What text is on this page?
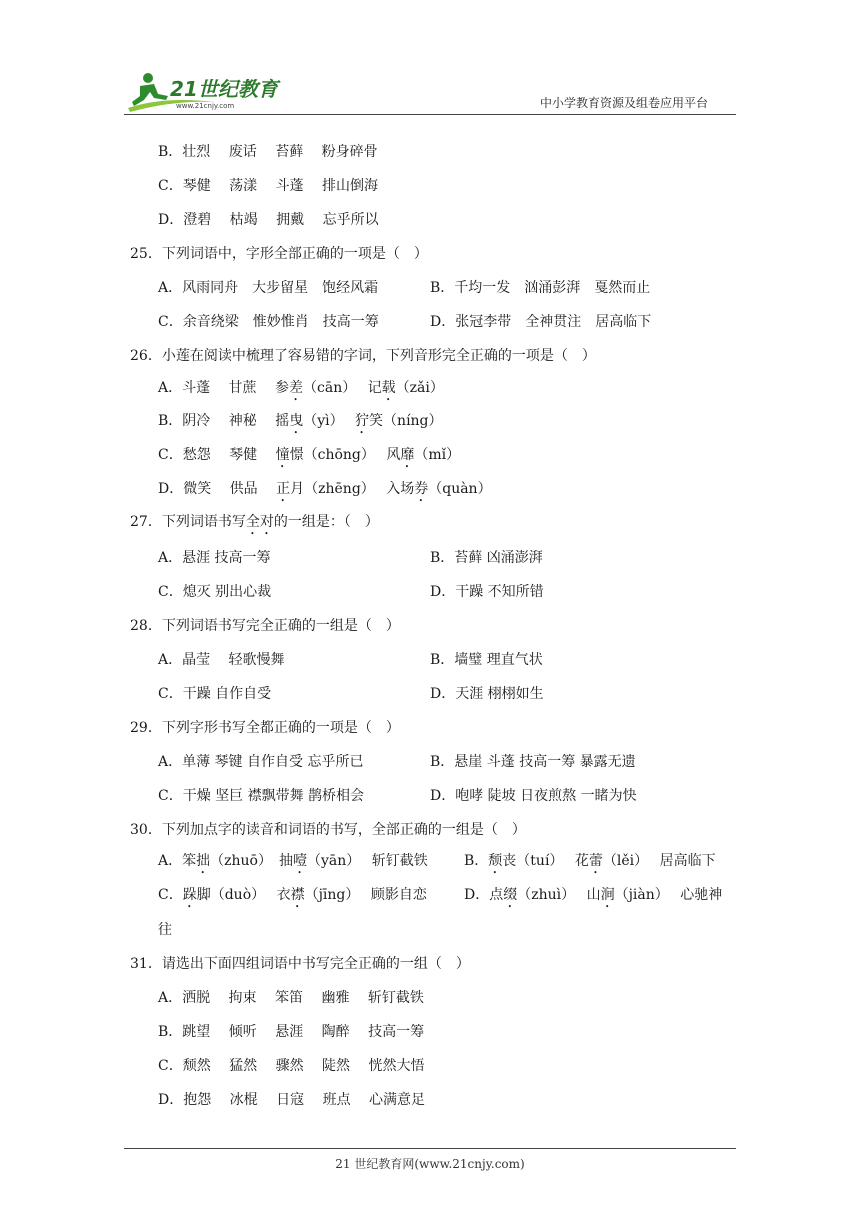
21世纪教育
www.21cnjy.com	中小学教育资源及组卷应用平台
B．壮烈　 废话　 苔藓　 粉身碎骨
C．琴健　 荡漾　 斗蓬　 排山倒海
D．澄碧　 枯竭　 拥戴　 忘乎所以
25．下列词语中，字形全部正确的一项是（　）
A．风雨同舟　大步留星　饱经风霜	B．千均一发　汹涌彭湃　戛然而止
C．余音绕梁　惟妙惟肖　技高一筹	D．张冠李带　全神贯注　居高临下
26．小莲在阅读中梳理了容易错的字词，下列音形完全正确的一项是（　）
A．斗蓬　 甘蔗　 参差（cān）　 记载（zǎi）
B．阴冷　 神秘　 摇曳（yì）　 狞笑（níng）
C．愁怨　 琴健　 憧憬（chōng）　 风靡（mǐ）
D．微笑　 供品　 正月（zhēng）　 入场券（quàn）
27．下列词语书写全对的一组是：（　）
A．悬涯 技高一筹	B．苔藓 凶涌澎湃
C．熄灭 别出心裁	D．干躁 不知所错
28．下列词语书写完全正确的一组是（　）
A．晶莹　 轻歌慢舞	B．墙璧 理直气状
C．干躁 自作自受	D．天涯 栩栩如生
29．下列字形书写全都正确的一项是（　）
A．单薄 琴键 自作自受 忘乎所已	B．悬崖 斗蓬 技高一筹 暴露无遗
C．干燥 坚巨 襟飘带舞 鹊桥相会	D．咆哮 陡坡 日夜煎熬 一睹为快
30．下列加点字的读音和词语的书写，全部正确的一组是（　）
A．笨拙（zhuō）　抽噎（yān）　 斩钉截铁	B．颓丧（tuí）　 花蕾（lěi）　 居高临下
C．跺脚（duò）　 衣襟（jīng）　 顾影自恋	D．点缀（zhuì）　 山涧（jiàn）　 心驰神
往
31．请选出下面四组词语中书写完全正确的一组（　）
A．洒脱　 拘束　 笨笛　 幽雅　 斩钉截铁
B．跳望　 倾听　 悬涯　 陶醉　 技高一筹
C．颓然　 猛然　 骤然　 陡然　 恍然大悟
D．抱怨　 冰棍　 日寇　 班点　 心满意足
21 世纪教育网(www.21cnjy.com)
